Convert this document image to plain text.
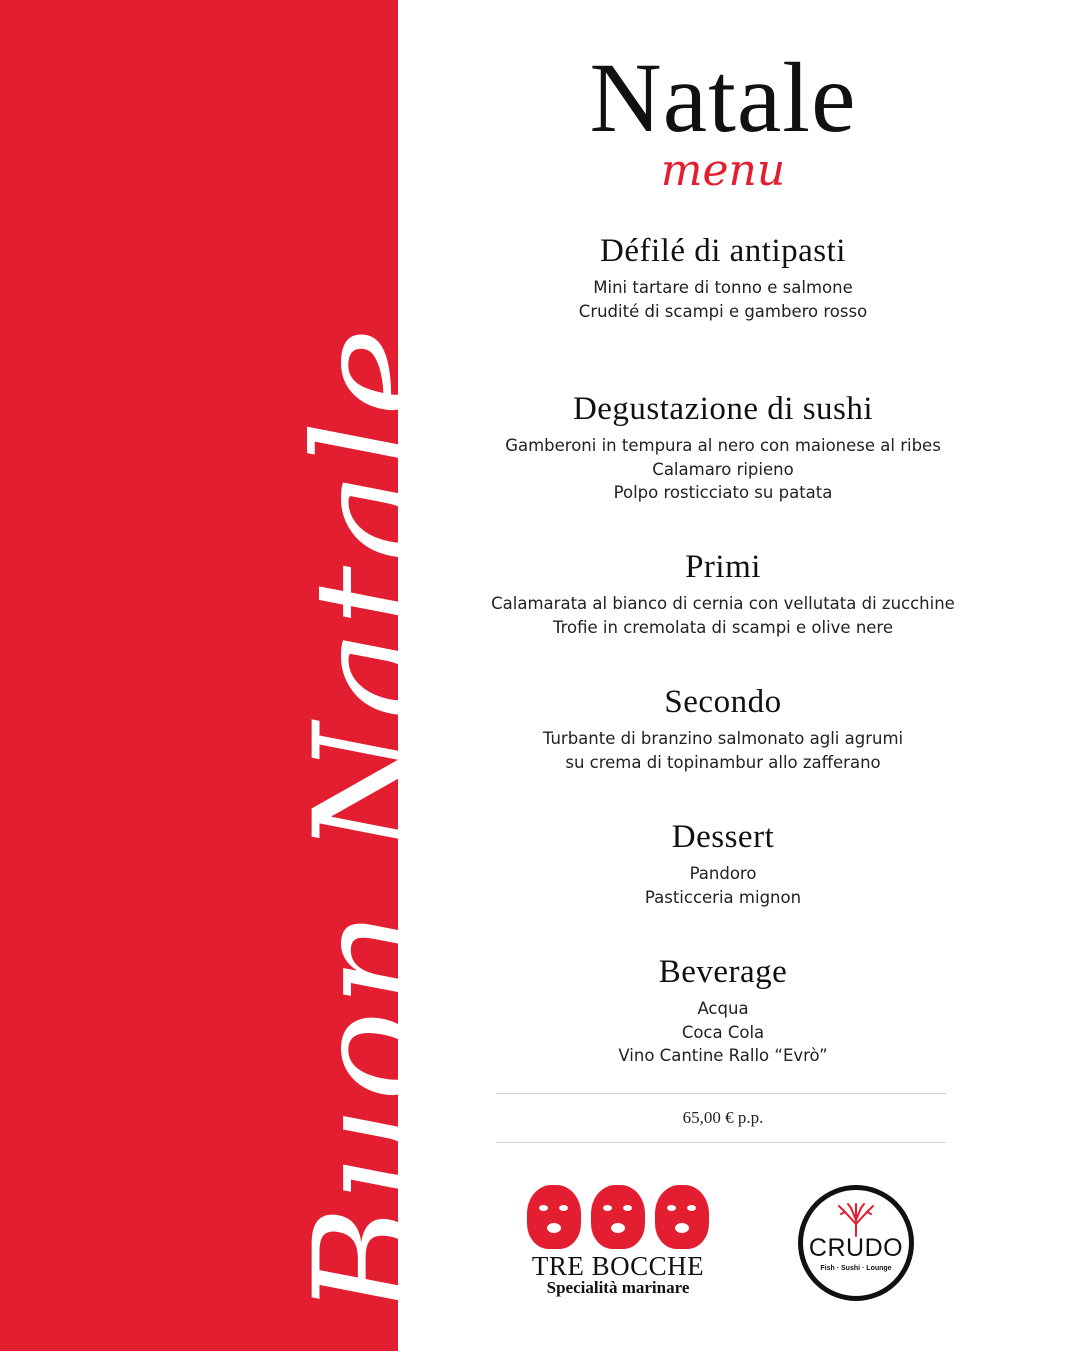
Buon Natale
Natale
menu
Défilé di antipasti
Mini tartare di tonno e salmone
Crudité di scampi e gambero rosso
Degustazione di sushi
Gamberoni in tempura al nero con maionese al ribes
Calamaro ripieno
Polpo rosticciato su patata
Primi
Calamarata al bianco di cernia con vellutata di zucchine
Trofie in cremolata di scampi e olive nere
Secondo
Turbante di branzino salmonato agli agrumi
su crema di topinambur allo zafferano
Dessert
Pandoro
Pasticceria mignon
Beverage
Acqua
Coca Cola
Vino Cantine Rallo “Evrò”
65,00 € p.p.
TRE BOCCHE
Specialità marinare
CRUDO
Fish · Sushi · Lounge
